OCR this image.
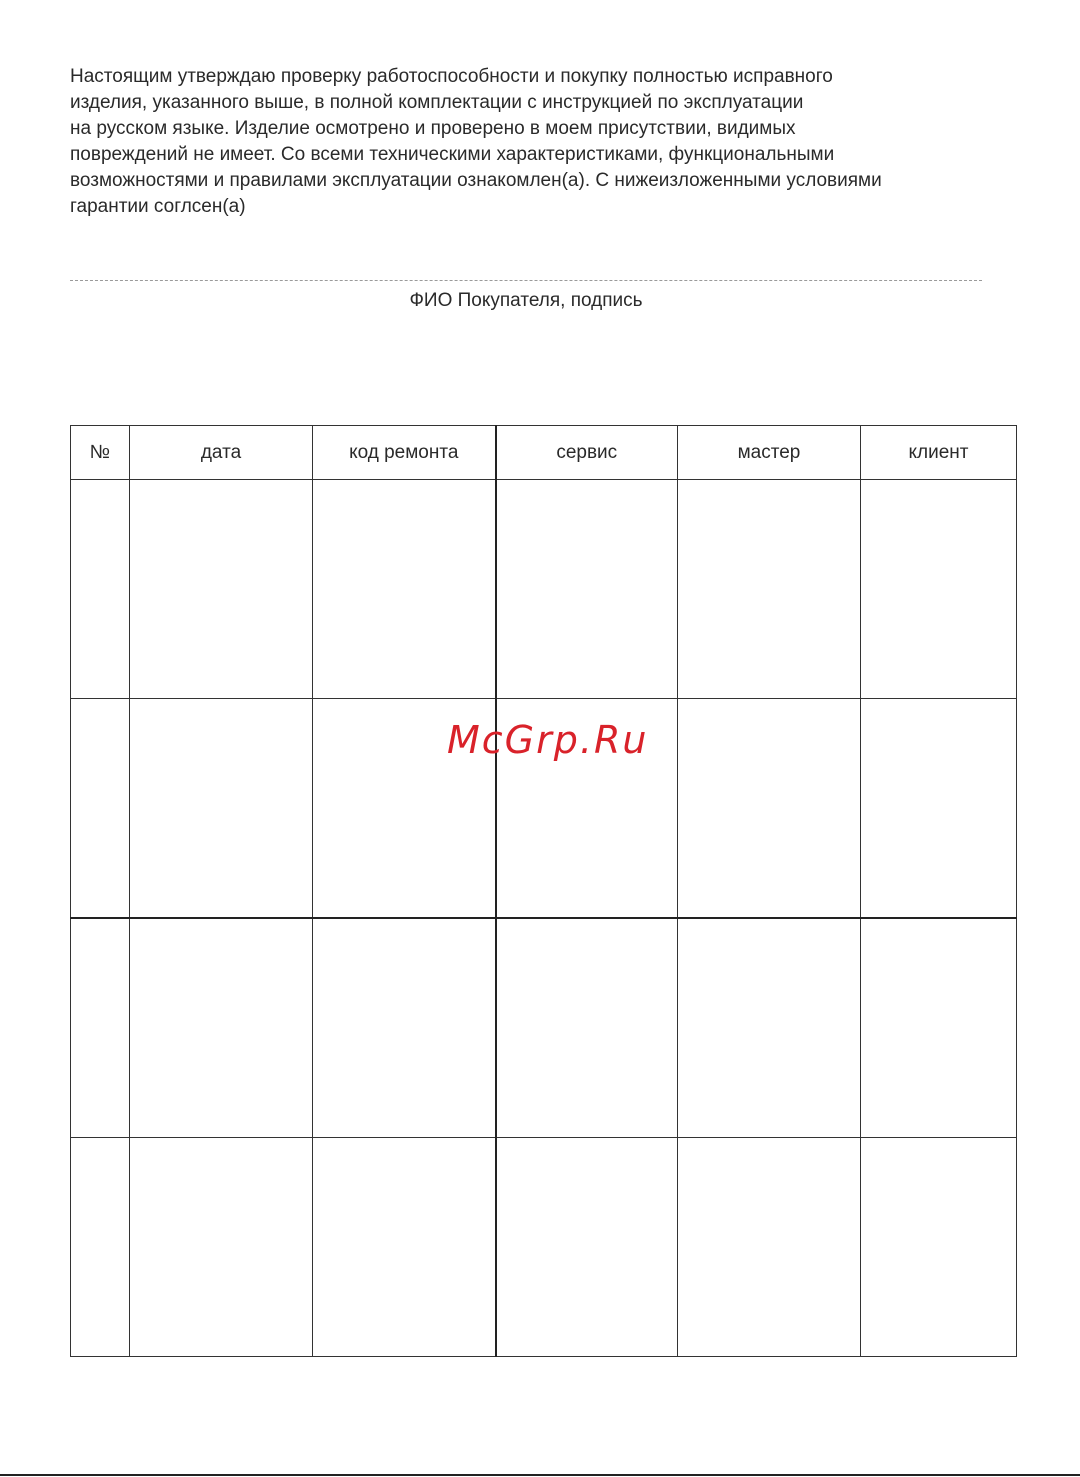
Настоящим утверждаю проверку работоспособности и покупку полностью исправного
изделия, указанного выше, в полной комплектации с инструкцией по эксплуатации
на русском языке. Изделие осмотрено и проверено в моем присутствии, видимых
повреждений не имеет. Со всеми техническими характеристиками, функциональными
возможностями и правилами эксплуатации ознакомлен(а). С нижеизложенными условиями
гарантии соглсен(а)

ФИО Покупателя, подпись
№	дата	код ремонта	сервис	мастер	клиент

McGrp.Ru
